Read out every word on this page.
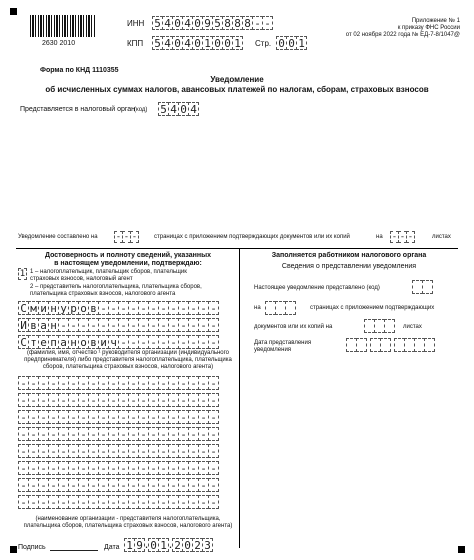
2630 2010
ИНН 5 4 0 4 0 9 5 8 8 8 - -
КПП 5 4 0 4 0 1 0 0 1 Стр. 0 0 1
Приложение № 1
к приказу ФНС России
от 02 ноября 2022 года № ЕД-7-8/1047@
Форма по КНД 1110355
Уведомление
об исчисленных суммах налогов, авансовых платежей по налогам, сборам, страховых взносов
Представляется в налоговый орган
(код) 5 4 0 4
Уведомление составлено на - - -	страницах с приложением подтверждающих документов или их копий	на - - -	листах
Достоверность и полноту сведений, указанных
в настоящем уведомлении, подтверждаю:
1 1 – налогоплательщик, плательщик сборов, плательщик страховых взносов, налоговый агент
2 – представитель налогоплательщика, плательщика сборов, плательщика страховых взносов, налогового агента
С м и н у р о в - - - - - - - - - - - -
И в а н - - - - - - - - - - - - - - - -
С т е п а н о в и ч - - - - - - - - - -
(фамилия, имя, отчество ¹ руководителя организации (индивидуального предпринимателя) либо представителя налогоплательщика, плательщика сборов, плательщика страховых взносов, налогового агента)
- - - - - - - - - - - - - - - - - - - -
- - - - - - - - - - - - - - - - - - - -
- - - - - - - - - - - - - - - - - - - -
- - - - - - - - - - - - - - - - - - - -
- - - - - - - - - - - - - - - - - - - -
- - - - - - - - - - - - - - - - - - - -
- - - - - - - - - - - - - - - - - - - -
- - - - - - - - - - - - - - - - - - - -
(наименование организации - представителя налогоплательщика, плательщика сборов, плательщика страховых взносов, налогового агента)
Подпись	Дата 1 9 . 0 1 . 2 0 2 3
Заполняется работником налогового органа
Сведения о представлении уведомления
Настоящее уведомление представлено (код)
на	страницах с приложением подтверждающих
документов или их копий на	листах
Дата представления уведомления
